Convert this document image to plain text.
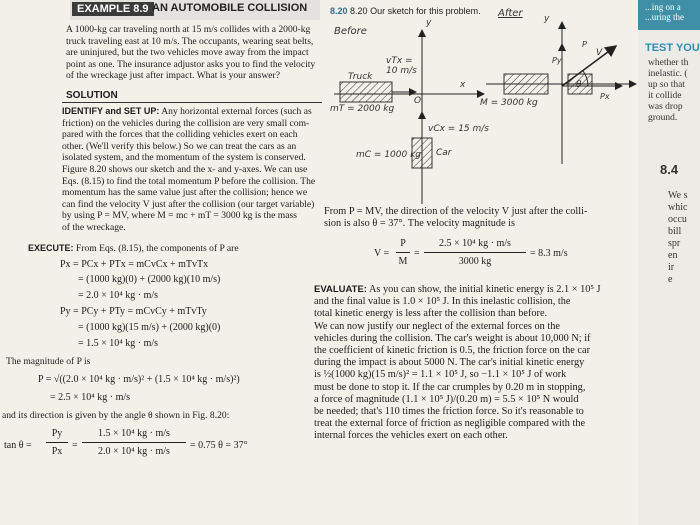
EXAMPLE 8.9 AN AUTOMOBILE COLLISION
A 1000-kg car traveling north at 15 m/s collides with a 2000-kg
truck traveling east at 10 m/s. The occupants, wearing seat belts,
are uninjured, but the two vehicles move away from the impact
point as one. The insurance adjustor asks you to find the velocity
of the wreckage just after impact. What is your answer?
SOLUTION
IDENTIFY and SET UP: Any horizontal external forces (such as
friction) on the vehicles during the collision are very small com-
pared with the forces that the colliding vehicles exert on each
other. (We'll verify this below.) So we can treat the cars as an
isolated system, and the momentum of the system is conserved.
Figure 8.20 shows our sketch and the x- and y-axes. We can use
Eqs. (8.15) to find the total momentum P before the collision. The
momentum has the same value just after the collision; hence we
can find the velocity V just after the collision (our target variable)
by using P = MV, where M = mc + mT = 3000 kg is the mass
of the wreckage.
EXECUTE: From Eqs. (8.15), the components of P are
Px = PCx + PTx = mCvCx + mTvTx
= (1000 kg)(0) + (2000 kg)(10 m/s)
= 2.0 × 10⁴ kg · m/s
Py = PCy + PTy = mCvCy + mTvTy
= (1000 kg)(15 m/s) + (2000 kg)(0)
= 1.5 × 10⁴ kg · m/s
The magnitude of P is
P = √((2.0 × 10⁴ kg · m/s)² + (1.5 × 10⁴ kg · m/s)²)
= 2.5 × 10⁴ kg · m/s
and its direction is given by the angle θ shown in Fig. 8.20:
tan θ =
Py
Px
=
1.5 × 10⁴ kg · m/s
2.0 × 10⁴ kg · m/s
= 0.75 θ = 37°
8.20 8.20 Our sketch for this problem.
Before
After
Truck
vTx =
10 m/s
mT = 2000 kg
O	M = 3000 kg
vCx = 15 m/s
mC = 1000 kg Car
y	y
x	θ
V
Py
Px
P
From P = MV, the direction of the velocity V just after the colli-
sion is also θ = 37°. The velocity magnitude is
V =
P
M
=
2.5 × 10⁴ kg · m/s
3000 kg
= 8.3 m/s
EVALUATE: As you can show, the initial kinetic energy is 2.1 × 10⁵ J
and the final value is 1.0 × 10⁵ J. In this inelastic collision, the
total kinetic energy is less after the collision than before.
We can now justify our neglect of the external forces on the
vehicles during the collision. The car's weight is about 10,000 N; if
the coefficient of kinetic friction is 0.5, the friction force on the car
during the impact is about 5000 N. The car's initial kinetic energy
is ½(1000 kg)(15 m/s)² = 1.1 × 10⁵ J, so −1.1 × 10⁵ J of work
must be done to stop it. If the car crumples by 0.20 m in stopping,
a force of magnitude (1.1 × 10⁵ J)/(0.20 m) = 5.5 × 10⁵ N would
be needed; that's 110 times the friction force. So it's reasonable to
treat the external force of friction as negligible compared with the
internal forces the vehicles exert on each other.
...ing on a
...uring the
TEST YOU
whether th
inelastic. (
up so that
it collide
was drop
ground.
8.4
We s
whic
occu
bill
spr
en
ir
e
